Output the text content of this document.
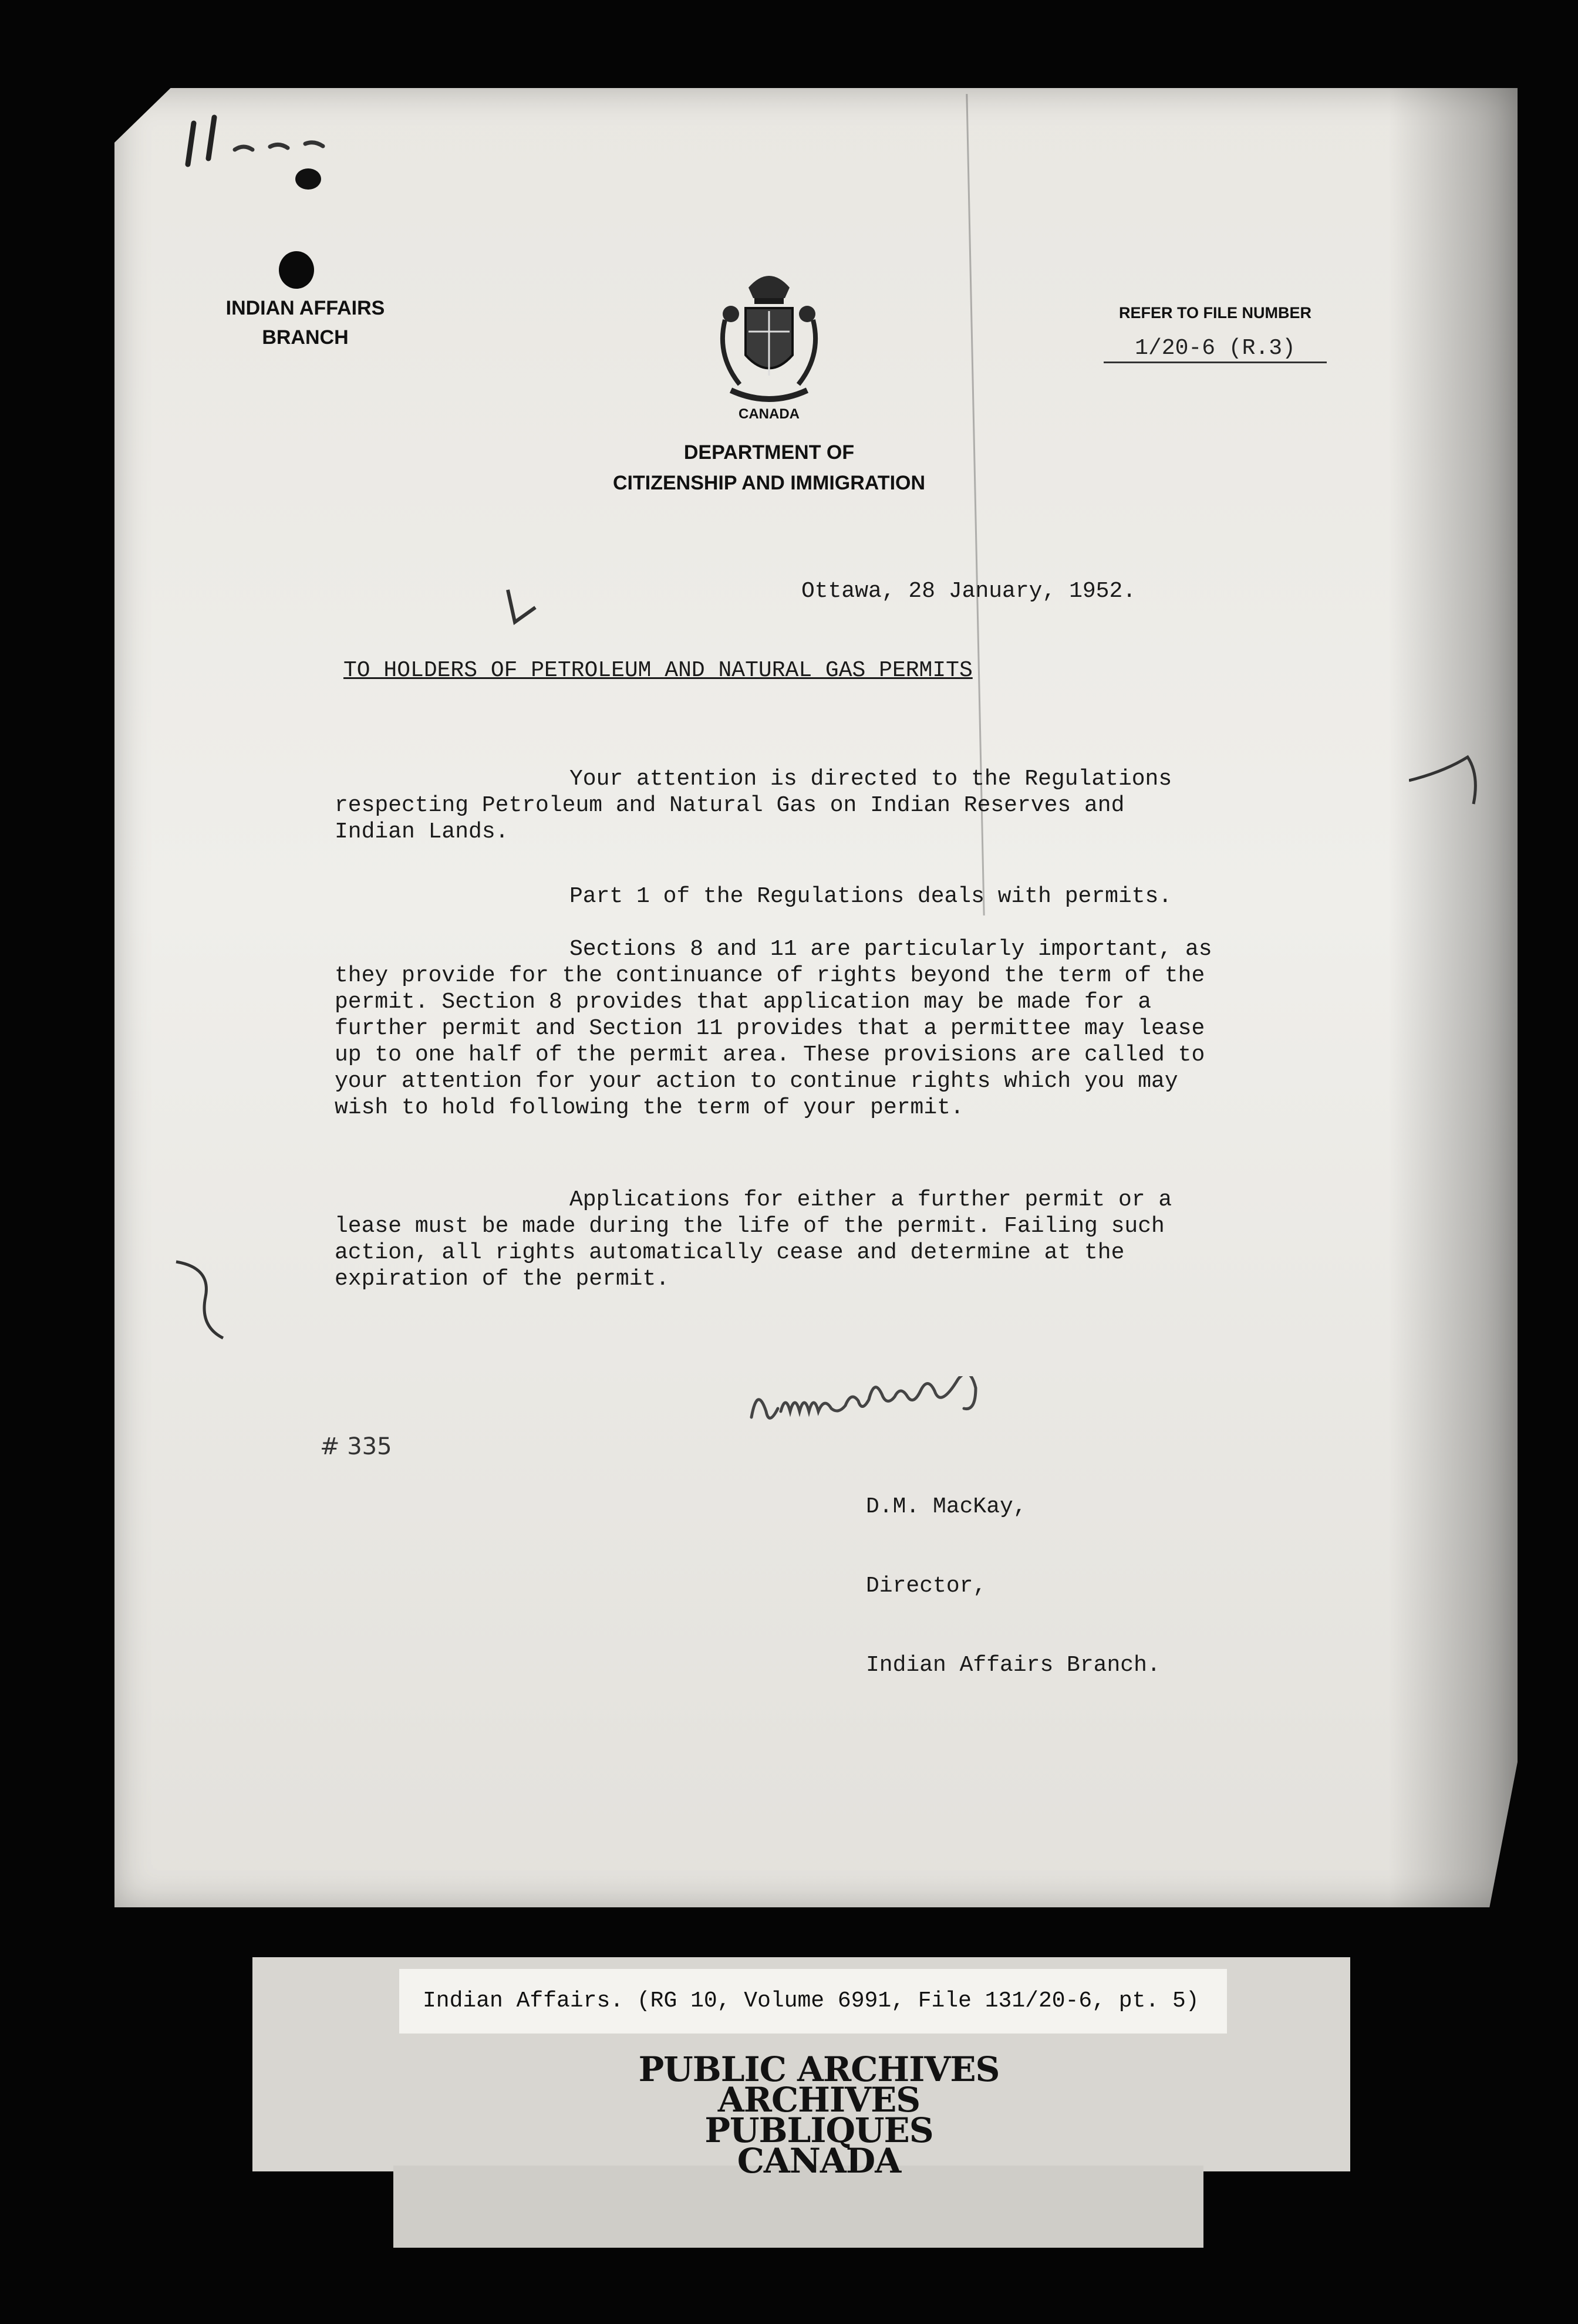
INDIAN AFFAIRS
BRANCH
CANADA
DEPARTMENT OF
CITIZENSHIP AND IMMIGRATION
REFER TO FILE NUMBER
1/20-6 (R.3)
Ottawa, 28 January, 1952.
TO HOLDERS OF PETROLEUM AND NATURAL GAS PERMITS
Your attention is directed to the Regulations respecting Petroleum and Natural Gas on Indian Reserves and Indian Lands.
Part 1 of the Regulations deals with permits.
Sections 8 and 11 are particularly important, as they provide for the continuance of rights beyond the term of the permit. Section 8 provides that application may be made for a further permit and Section 11 provides that a permittee may lease up to one half of the permit area. These provisions are called to your attention for your action to continue rights which you may wish to hold following the term of your permit.
Applications for either a further permit or a lease must be made during the life of the permit. Failing such action, all rights automatically cease and determine at the expiration of the permit.
# 335

D.M. MacKay,

Director,

Indian Affairs Branch.

Indian Affairs. (RG 10, Volume 6991, File 131/20-6, pt. 5)
PUBLIC ARCHIVES
ARCHIVES PUBLIQUES
CANADA
